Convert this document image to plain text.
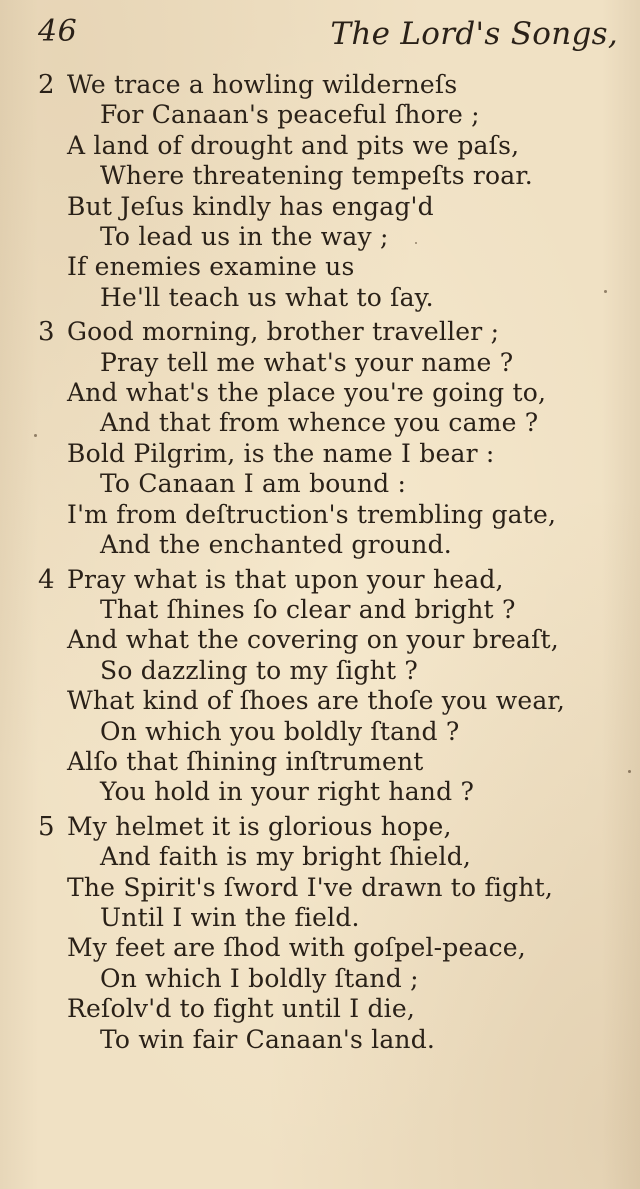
46	The Lord's Songs,
2 We trace a howling wilderneſs
For Canaan's peaceful ſhore ;
A land of drought and pits we paſs,
Where threatening tempeſts roar.
But Jeſus kindly has engag'd
To lead us in the way ;
If enemies examine us
He'll teach us what to ſay.
3 Good morning, brother traveller ;
Pray tell me what's your name ?
And what's the place you're going to,
And that from whence you came ?
Bold Pilgrim, is the name I bear :
To Canaan I am bound :
I'm from deſtruction's trembling gate,
And the enchanted ground.
4 Pray what is that upon your head,
That ſhines ſo clear and bright ?
And what the covering on your breaſt,
So dazzling to my ſight ?
What kind of ſhoes are thoſe you wear,
On which you boldly ſtand ?
Alſo that ſhining inſtrument
You hold in your right hand ?
5 My helmet it is glorious hope,
And faith is my bright ſhield,
The Spirit's ſword I've drawn to fight,
Until I win the field.
My feet are ſhod with goſpel-peace,
On which I boldly ſtand ;
Reſolv'd to fight until I die,
To win fair Canaan's land.
